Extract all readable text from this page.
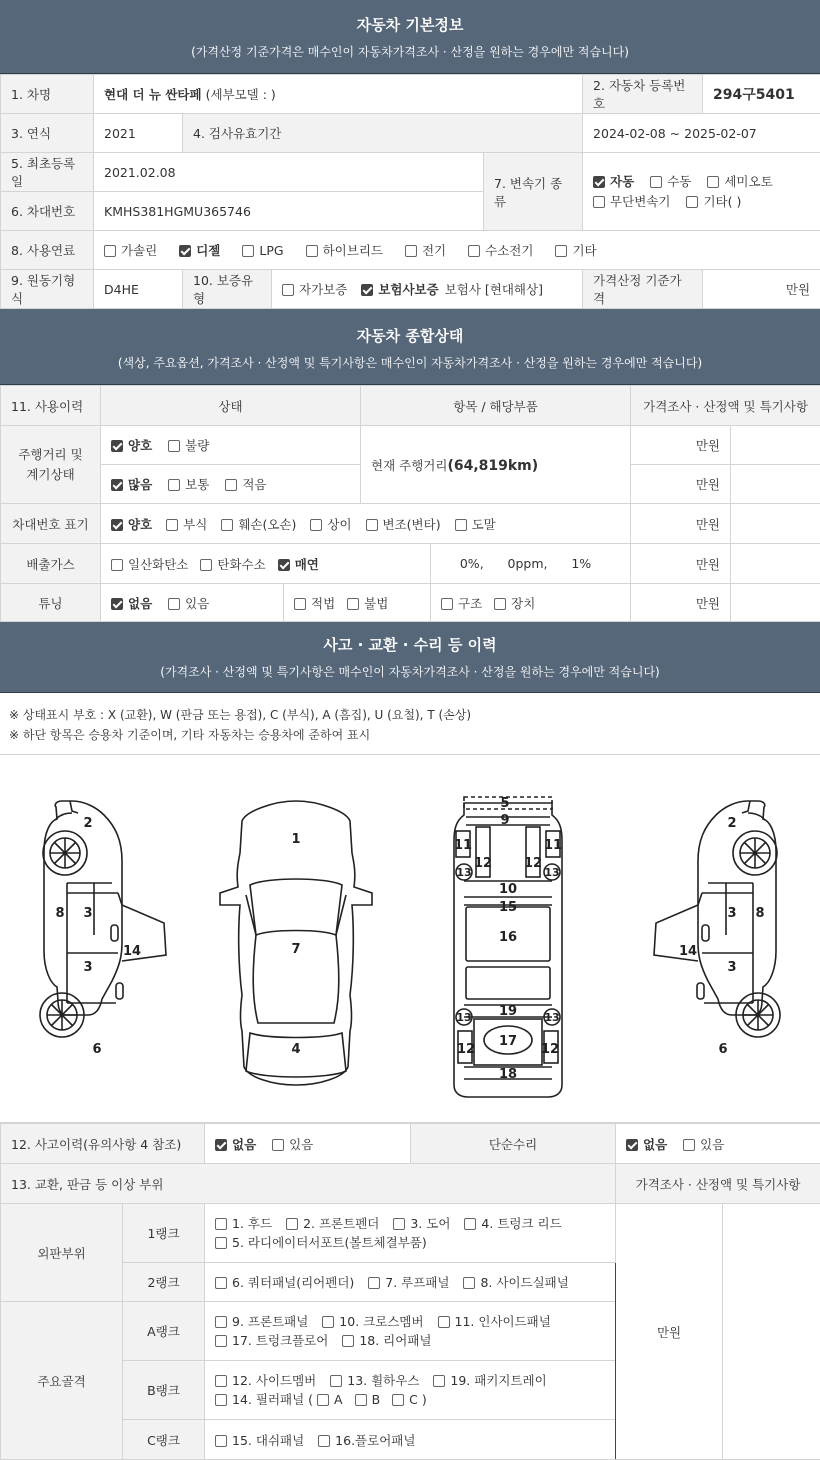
자동차 기본정보
(가격산정 기준가격은 매수인이 자동차가격조사 · 산정을 원하는 경우에만 적습니다)
1. 차명	현대 더 뉴 싼타페 (세부모델 : )				2. 자동차 등록번호	294구5401
3. 연식	2021	4. 검사유효기간			2024-02-08 ~ 2025-02-07	
5. 최초등록일	2021.02.08			7. 변속기 종류	자동 수동 세미오토
무단변속기 기타( )	
6. 차대번호	KMHS381HGMU365746					
8. 사용연료	가솔린 디젤 LPG 하이브리드 전기 수소전기 기타					
9. 원동기형식	D4HE	10. 보증유형	자가보증 보험사보증 보험사 [현대해상]		가격산정 기준가격	만원
자동차 종합상태
(색상, 주요옵션, 가격조사 · 산정액 및 특기사항은 매수인이 자동차가격조사 · 산정을 원하는 경우에만 적습니다)
11. 사용이력	상태		항목 / 해당부품		가격조사 · 산정액 및 특기사항	
주행거리 및 계기상태	양호 불량		현재 주행거리(64,819km)		만원	
	많음 보통 적음				만원	
차대번호 표기	양호 부식 훼손(오손) 상이 변조(변타) 도말				만원	
배출가스	일산화탄소 탄화수소 매연			0%,      0ppm,      1%	만원	
튜닝	없음 있음	적법 불법		구조 장치	만원	
사고 · 교환 · 수리 등 이력
(가격조사 · 산정액 및 특기사항은 매수인이 자동차가격조사 · 산정을 원하는 경우에만 적습니다)
※ 상태표시 부호 : X (교환), W (판금 또는 용접), C (부식), A (흠집), U (요철), T (손상)
※ 하단 항목은 승용차 기준이며, 기타 자동차는 승용차에 준하여 표시
2
8 3
14
3
6
1
7
4
5
9
11	11
12 12
13	13
10
15
16
19
13	13
12	12
17
18
2
3 8
14
3
6
12. 사고이력(유의사항 4 참조)		없음 있음	단순수리	없음 있음	
13. 교환, 판금 등 이상 부위				가격조사 · 산정액 및 특기사항	
외판부위	1랭크	1. 후드 2. 프론트펜더 3. 도어 4. 트렁크 리드
5. 라디에이터서포트(볼트체결부품)		만원	
	2랭크	6. 쿼터패널(리어펜더) 7. 루프패널 8. 사이드실패널			
주요골격	A랭크	9. 프론트패널 10. 크로스멤버 11. 인사이드패널
17. 트렁크플로어 18. 리어패널			
	B랭크	12. 사이드멤버 13. 휠하우스 19. 패키지트레이
14. 필러패널 ( A B C )			
	C랭크	15. 대쉬패널 16.플로어패널			
